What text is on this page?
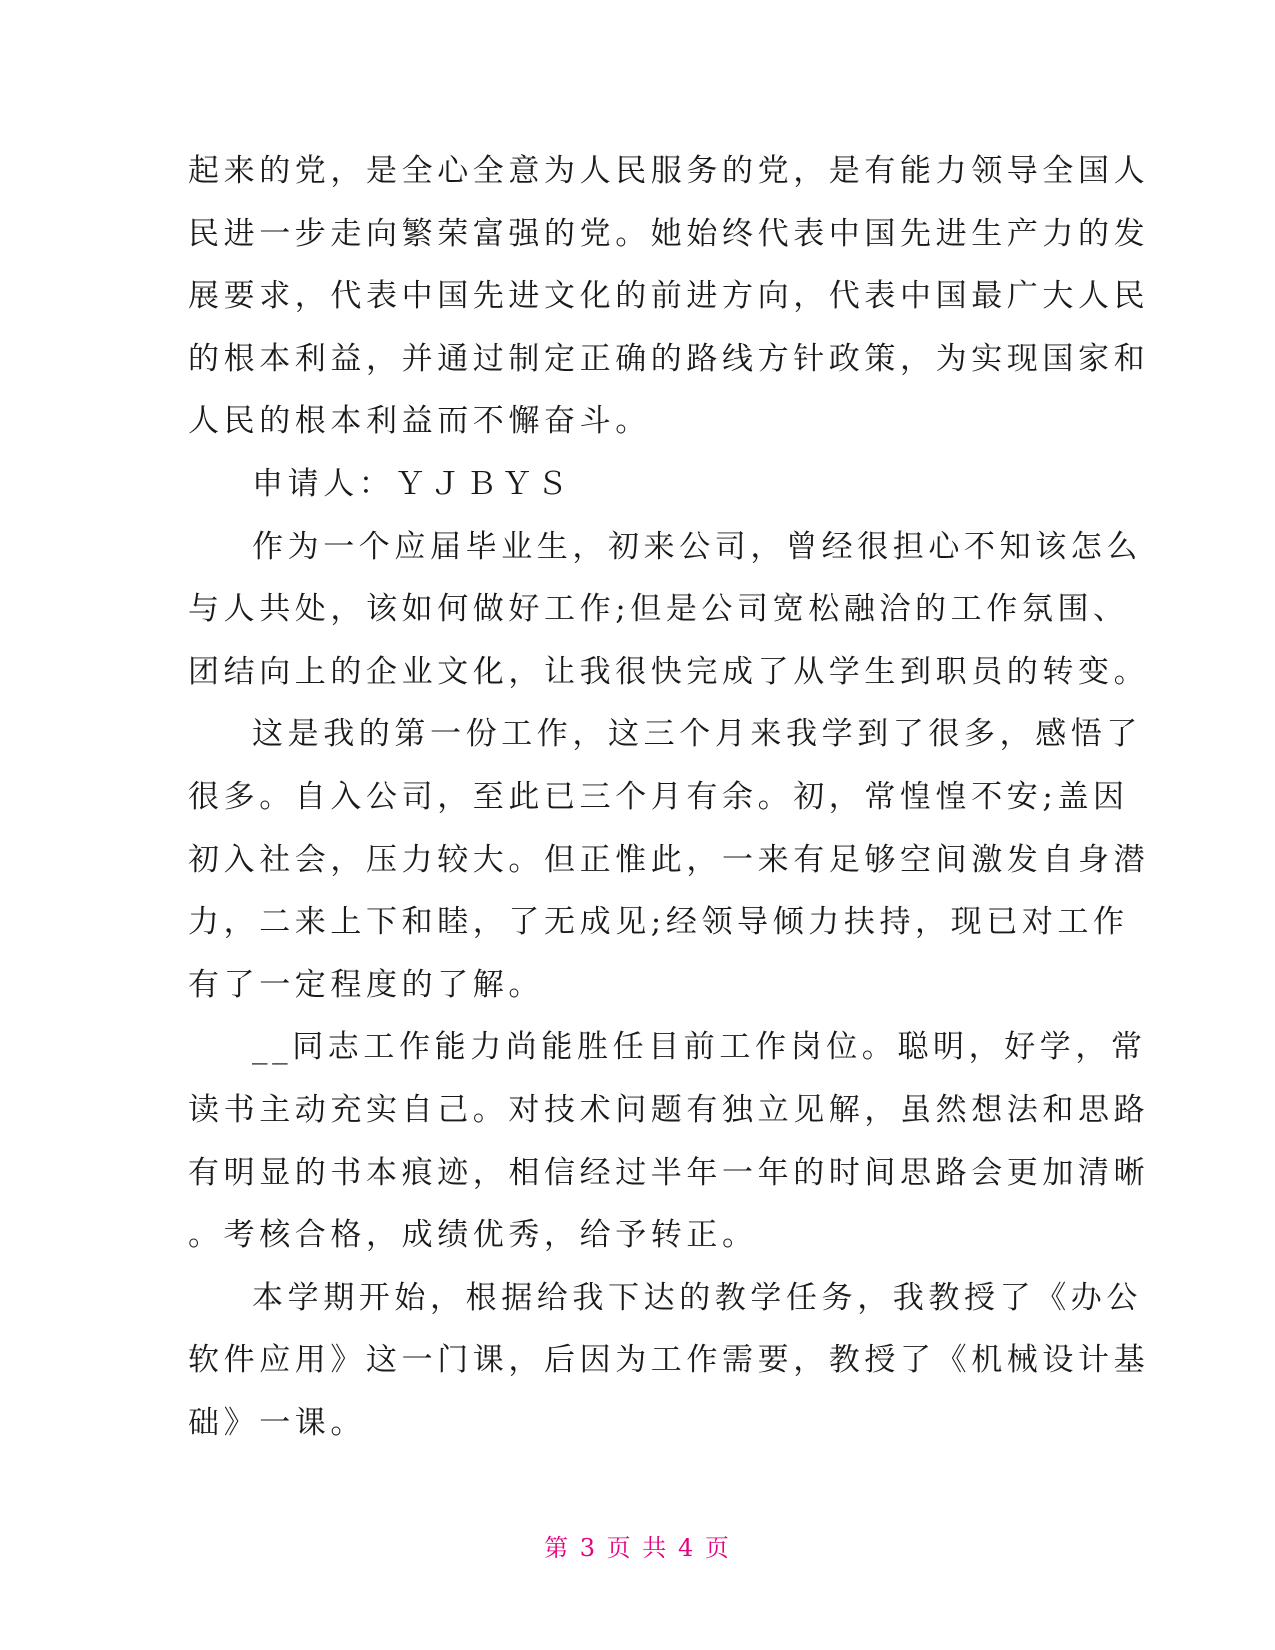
起来的党，是全心全意为人民服务的党，是有能力领导全国人
民进一步走向繁荣富强的党。她始终代表中国先进生产力的发
展要求，代表中国先进文化的前进方向，代表中国最广大人民
的根本利益，并通过制定正确的路线方针政策，为实现国家和
人民的根本利益而不懈奋斗。
申请人：ＹＪＢＹＳ
作为一个应届毕业生，初来公司，曾经很担心不知该怎么
与人共处，该如何做好工作;但是公司宽松融洽的工作氛围、
团结向上的企业文化，让我很快完成了从学生到职员的转变。
这是我的第一份工作，这三个月来我学到了很多，感悟了
很多。自入公司，至此已三个月有余。初，常惶惶不安;盖因
初入社会，压力较大。但正惟此，一来有足够空间激发自身潜
力，二来上下和睦，了无成见;经领导倾力扶持，现已对工作
有了一定程度的了解。
__同志工作能力尚能胜任目前工作岗位。聪明，好学，常
读书主动充实自己。对技术问题有独立见解，虽然想法和思路
有明显的书本痕迹，相信经过半年一年的时间思路会更加清晰
。考核合格，成绩优秀，给予转正。
本学期开始，根据给我下达的教学任务，我教授了《办公
软件应用》这一门课，后因为工作需要，教授了《机械设计基
础》一课。
第 3 页 共 4 页
